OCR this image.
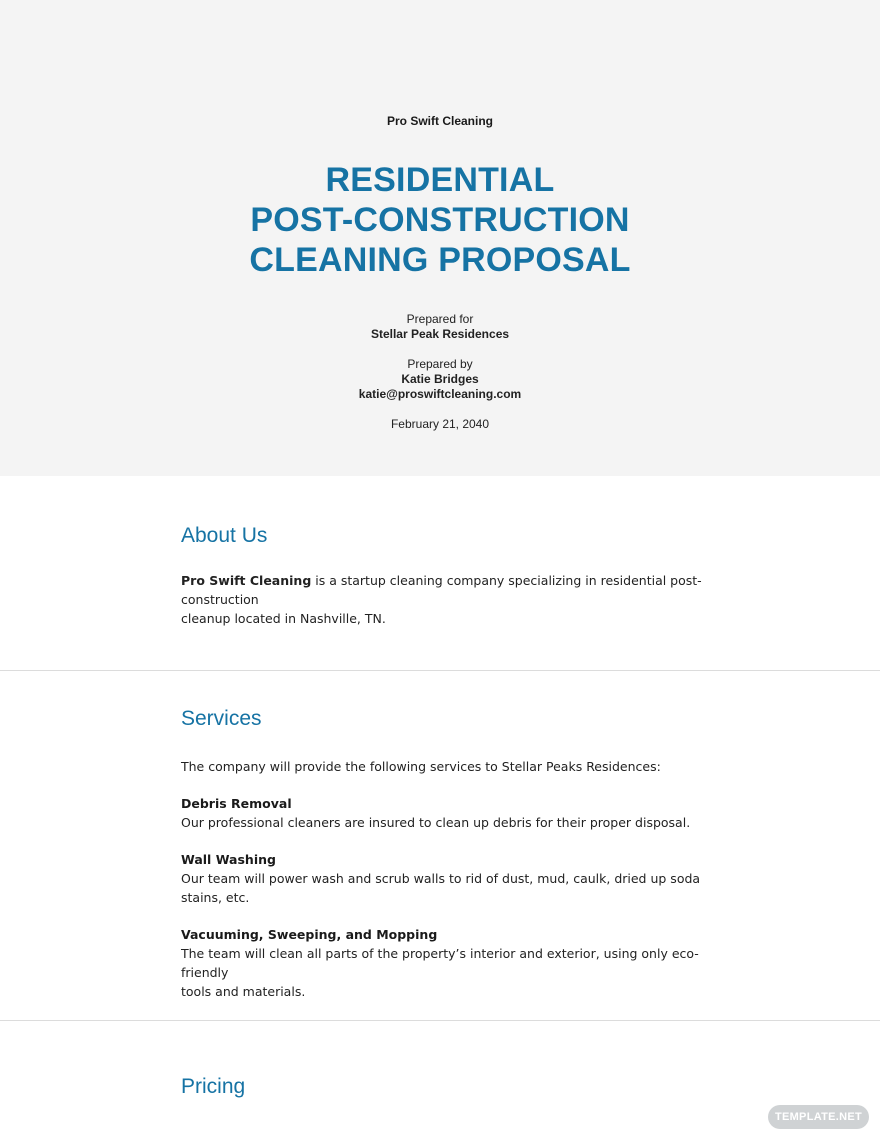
Pro Swift Cleaning
RESIDENTIAL
POST-CONSTRUCTION
CLEANING PROPOSAL
Prepared for
Stellar Peak Residences
Prepared by
Katie Bridges
katie@proswiftcleaning.com
February 21, 2040
About Us
Pro Swift Cleaning is a startup cleaning company specializing in residential post-construction
cleanup located in Nashville, TN.
Services
The company will provide the following services to Stellar Peaks Residences:
Debris Removal
Our professional cleaners are insured to clean up debris for their proper disposal.
Wall Washing
Our team will power wash and scrub walls to rid of dust, mud, caulk, dried up soda stains, etc.
Vacuuming, Sweeping, and Mopping
The team will clean all parts of the property’s interior and exterior, using only eco-friendly
tools and materials.
Pricing
TEMPLATE.NET
